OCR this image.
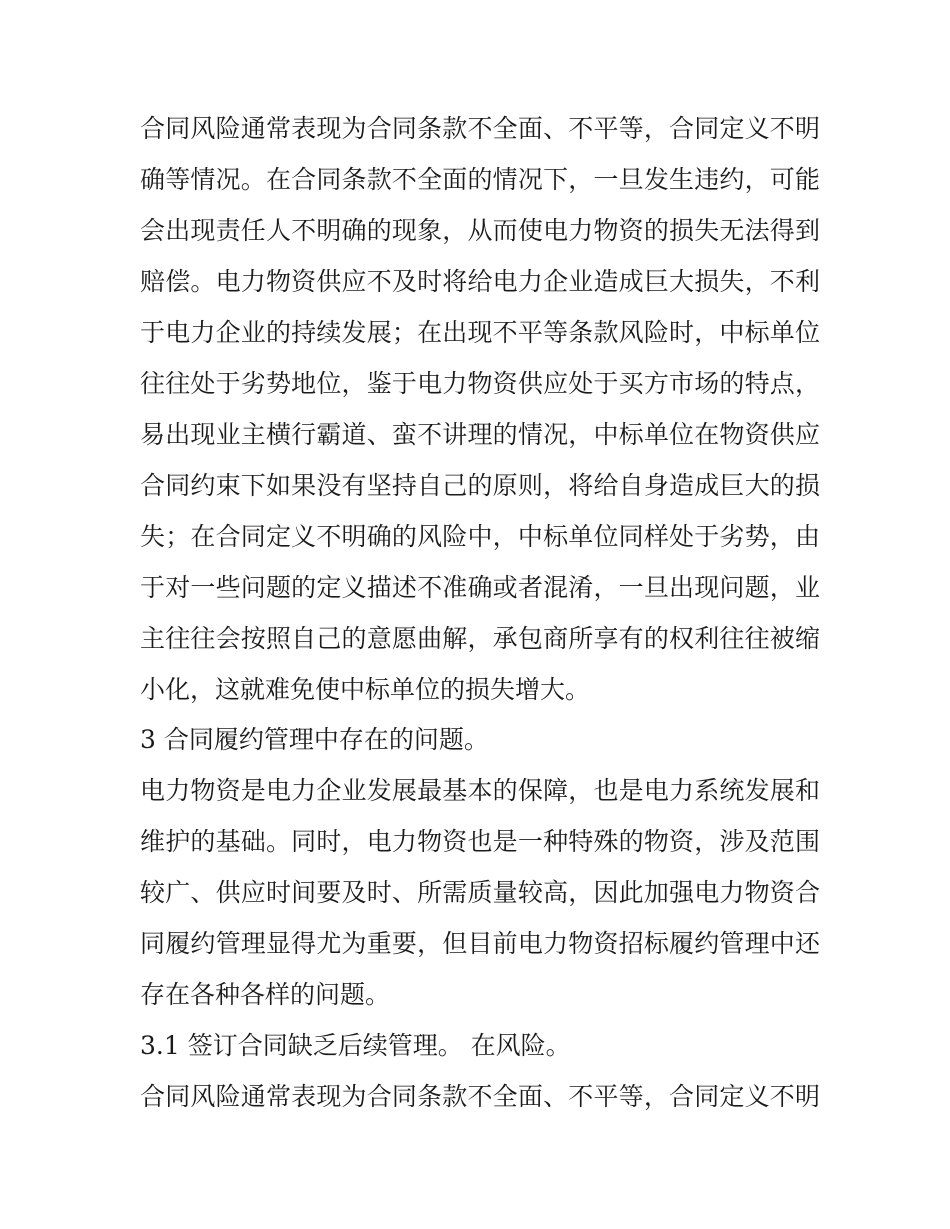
合同风险通常表现为合同条款不全面、不平等，合同定义不明
确等情况。在合同条款不全面的情况下，一旦发生违约，可能
会出现责任人不明确的现象，从而使电力物资的损失无法得到
赔偿。电力物资供应不及时将给电力企业造成巨大损失，不利
于电力企业的持续发展；在出现不平等条款风险时，中标单位
往往处于劣势地位，鉴于电力物资供应处于买方市场的特点，
易出现业主横行霸道、蛮不讲理的情况，中标单位在物资供应
合同约束下如果没有坚持自己的原则，将给自身造成巨大的损
失；在合同定义不明确的风险中，中标单位同样处于劣势，由
于对一些问题的定义描述不准确或者混淆，一旦出现问题，业
主往往会按照自己的意愿曲解，承包商所享有的权利往往被缩
小化，这就难免使中标单位的损失增大。
3 合同履约管理中存在的问题。
电力物资是电力企业发展最基本的保障，也是电力系统发展和
维护的基础。同时，电力物资也是一种特殊的物资，涉及范围
较广、供应时间要及时、所需质量较高，因此加强电力物资合
同履约管理显得尤为重要，但目前电力物资招标履约管理中还
存在各种各样的问题。
3.1 签订合同缺乏后续管理。 在风险。
合同风险通常表现为合同条款不全面、不平等，合同定义不明
